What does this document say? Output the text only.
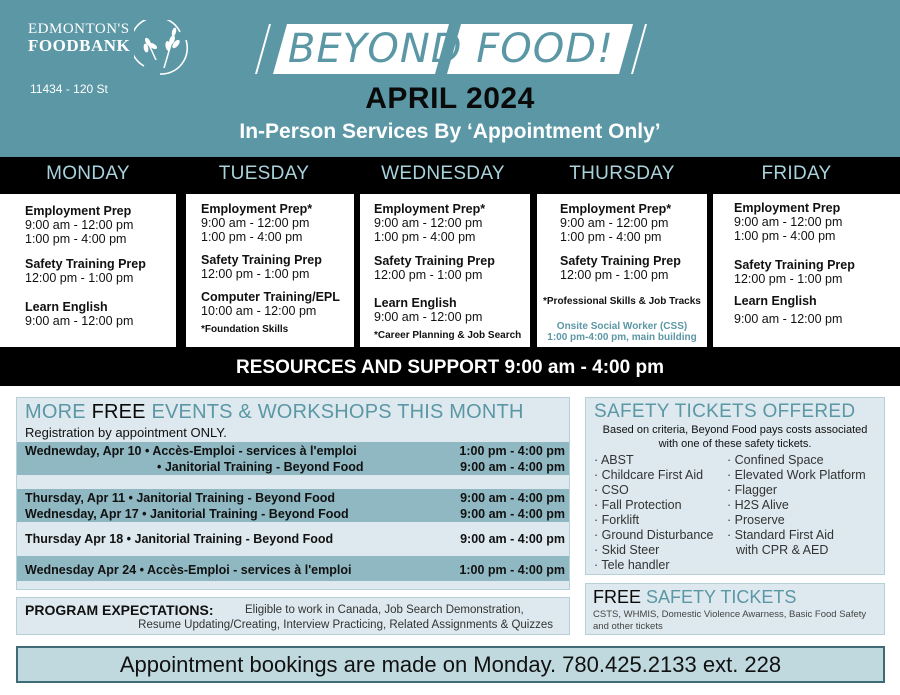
EDMONTON'S
FOODBANK
11434 - 120 St
BEYOND FOOD!
APRIL 2024
In-Person Services By ‘Appointment Only’
MONDAY
Employment Prep
9:00 am - 12:00 pm
1:00 pm - 4:00 pm
Safety Training Prep
12:00 pm - 1:00 pm
Learn English
9:00 am - 12:00 pm
TUESDAY
Employment Prep*
9:00 am - 12:00 pm
1:00 pm - 4:00 pm
Safety Training Prep
12:00 pm - 1:00 pm
Computer Training/EPL
10:00 am - 12:00 pm
*Foundation Skills
WEDNESDAY
Employment Prep*
9:00 am - 12:00 pm
1:00 pm - 4:00 pm
Safety Training Prep
12:00 pm - 1:00 pm
Learn English
9:00 am - 12:00 pm
*Career Planning & Job Search
THURSDAY
Employment Prep*
9:00 am - 12:00 pm
1:00 pm - 4:00 pm
Safety Training Prep
12:00 pm - 1:00 pm
*Professional Skills & Job Tracks
Onsite Social Worker (CSS)
1:00 pm-4:00 pm, main building
FRIDAY
Employment Prep
9:00 am - 12:00 pm
1:00 pm - 4:00 pm
Safety Training Prep
12:00 pm - 1:00 pm
Learn English
9:00 am - 12:00 pm
RESOURCES AND SUPPORT 9:00 am - 4:00 pm
MORE FREE EVENTS & WORKSHOPS THIS MONTH
Registration by appointment ONLY.
Wednewday, Apr 10 • Accès-Emploi - services à l'emploi	1:00 pm - 4:00 pm
• Janitorial Training - Beyond Food	9:00 am - 4:00 pm
Thursday, Apr 11 • Janitorial Training - Beyond Food	9:00 am - 4:00 pm
Wednesday, Apr 17 • Janitorial Training - Beyond Food	9:00 am - 4:00 pm
Thursday Apr 18 • Janitorial Training - Beyond Food	9:00 am - 4:00 pm
Wednesday Apr 24 • Accès-Emploi - services à l'emploi	1:00 pm - 4:00 pm
PROGRAM EXPECTATIONS:	Eligible to work in Canada, Job Search Demonstration,
Resume Updating/Creating, Interview Practicing, Related Assignments & Quizzes
SAFETY TICKETS OFFERED
Based on criteria, Beyond Food pays costs associated
with one of these safety tickets.
· ABST
· Childcare First Aid
· CSO
· Fall Protection
· Forklift
· Ground Disturbance
· Skid Steer
· Tele handler
· Confined Space
· Elevated Work Platform
· Flagger
· H2S Alive
· Proserve
· Standard First Aid
with CPR & AED
FREE SAFETY TICKETS
CSTS, WHMIS, Domestic Violence Awarness, Basic Food Safety and other tickets
Appointment bookings are made on Monday. 780.425.2133 ext. 228
